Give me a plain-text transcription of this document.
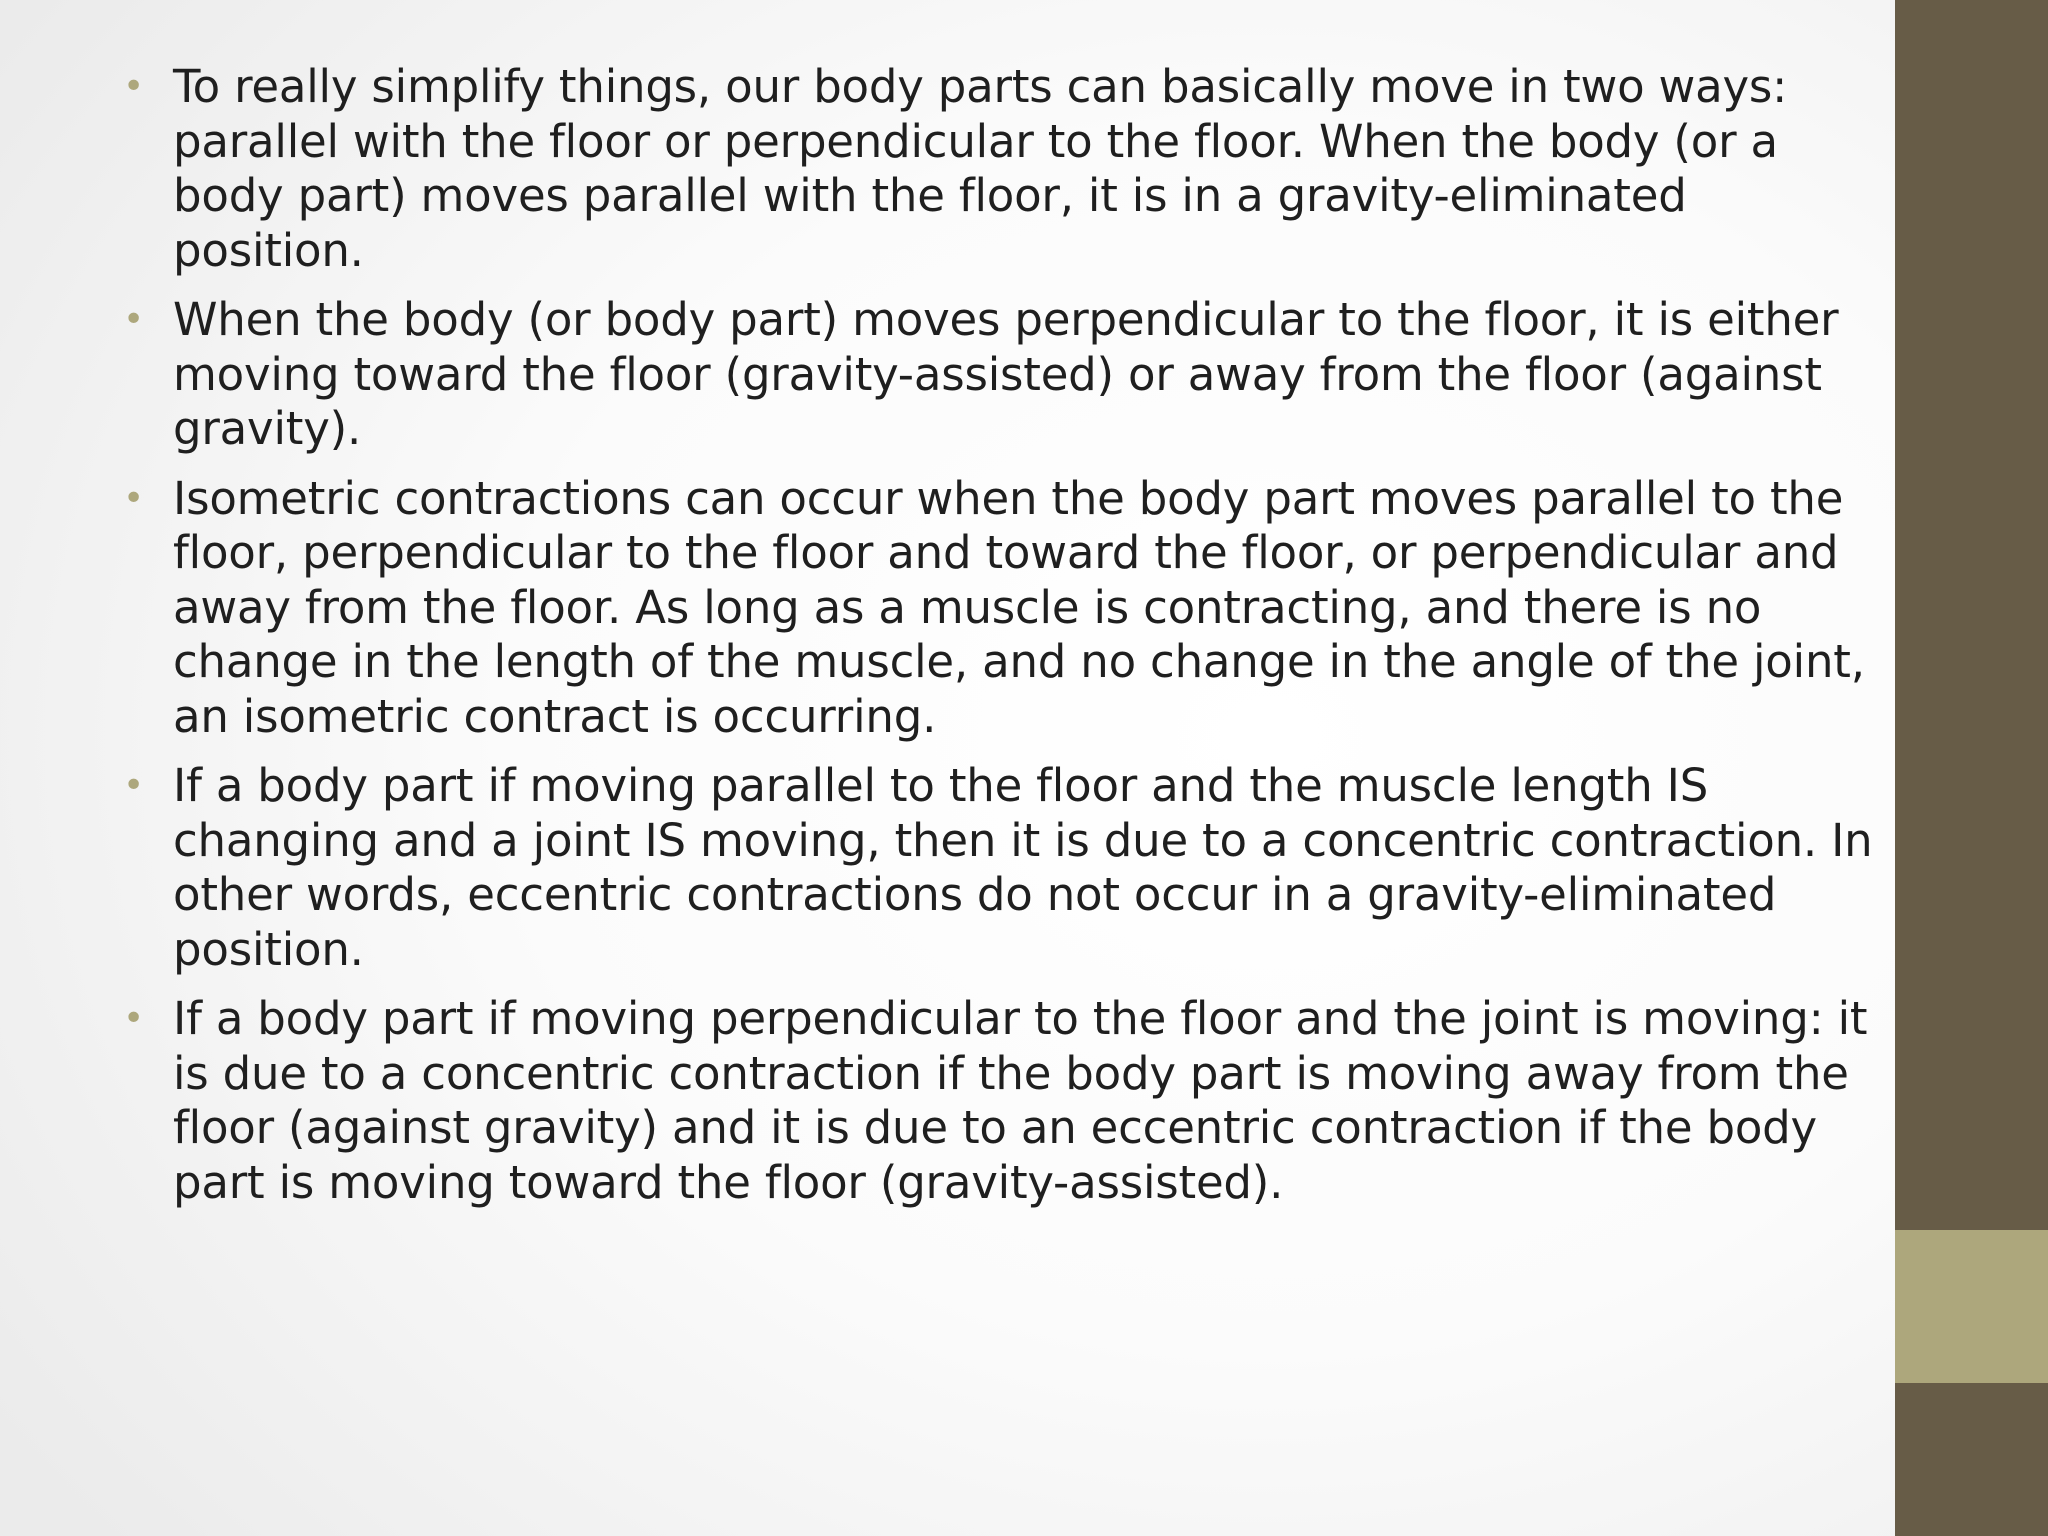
• To really simplify things, our body parts can basically move in two ways: parallel with the floor or perpendicular to the floor. When the body (or a body part) moves parallel with the floor, it is in a gravity-eliminated position.
• When the body (or body part) moves perpendicular to the floor, it is either moving toward the floor (gravity-assisted) or away from the floor (against gravity).
• Isometric contractions can occur when the body part moves parallel to the floor, perpendicular to the floor and toward the floor, or perpendicular and away from the floor. As long as a muscle is contracting, and there is no change in the length of the muscle, and no change in the angle of the joint, an isometric contract is occurring.
• If a body part if moving parallel to the floor and the muscle length IS changing and a joint IS moving, then it is due to a concentric contraction. In other words, eccentric contractions do not occur in a gravity-eliminated position.
• If a body part if moving perpendicular to the floor and the joint is moving: it is due to a concentric contraction if the body part is moving away from the floor (against gravity) and it is due to an eccentric contraction if the body part is moving toward the floor (gravity-assisted).
